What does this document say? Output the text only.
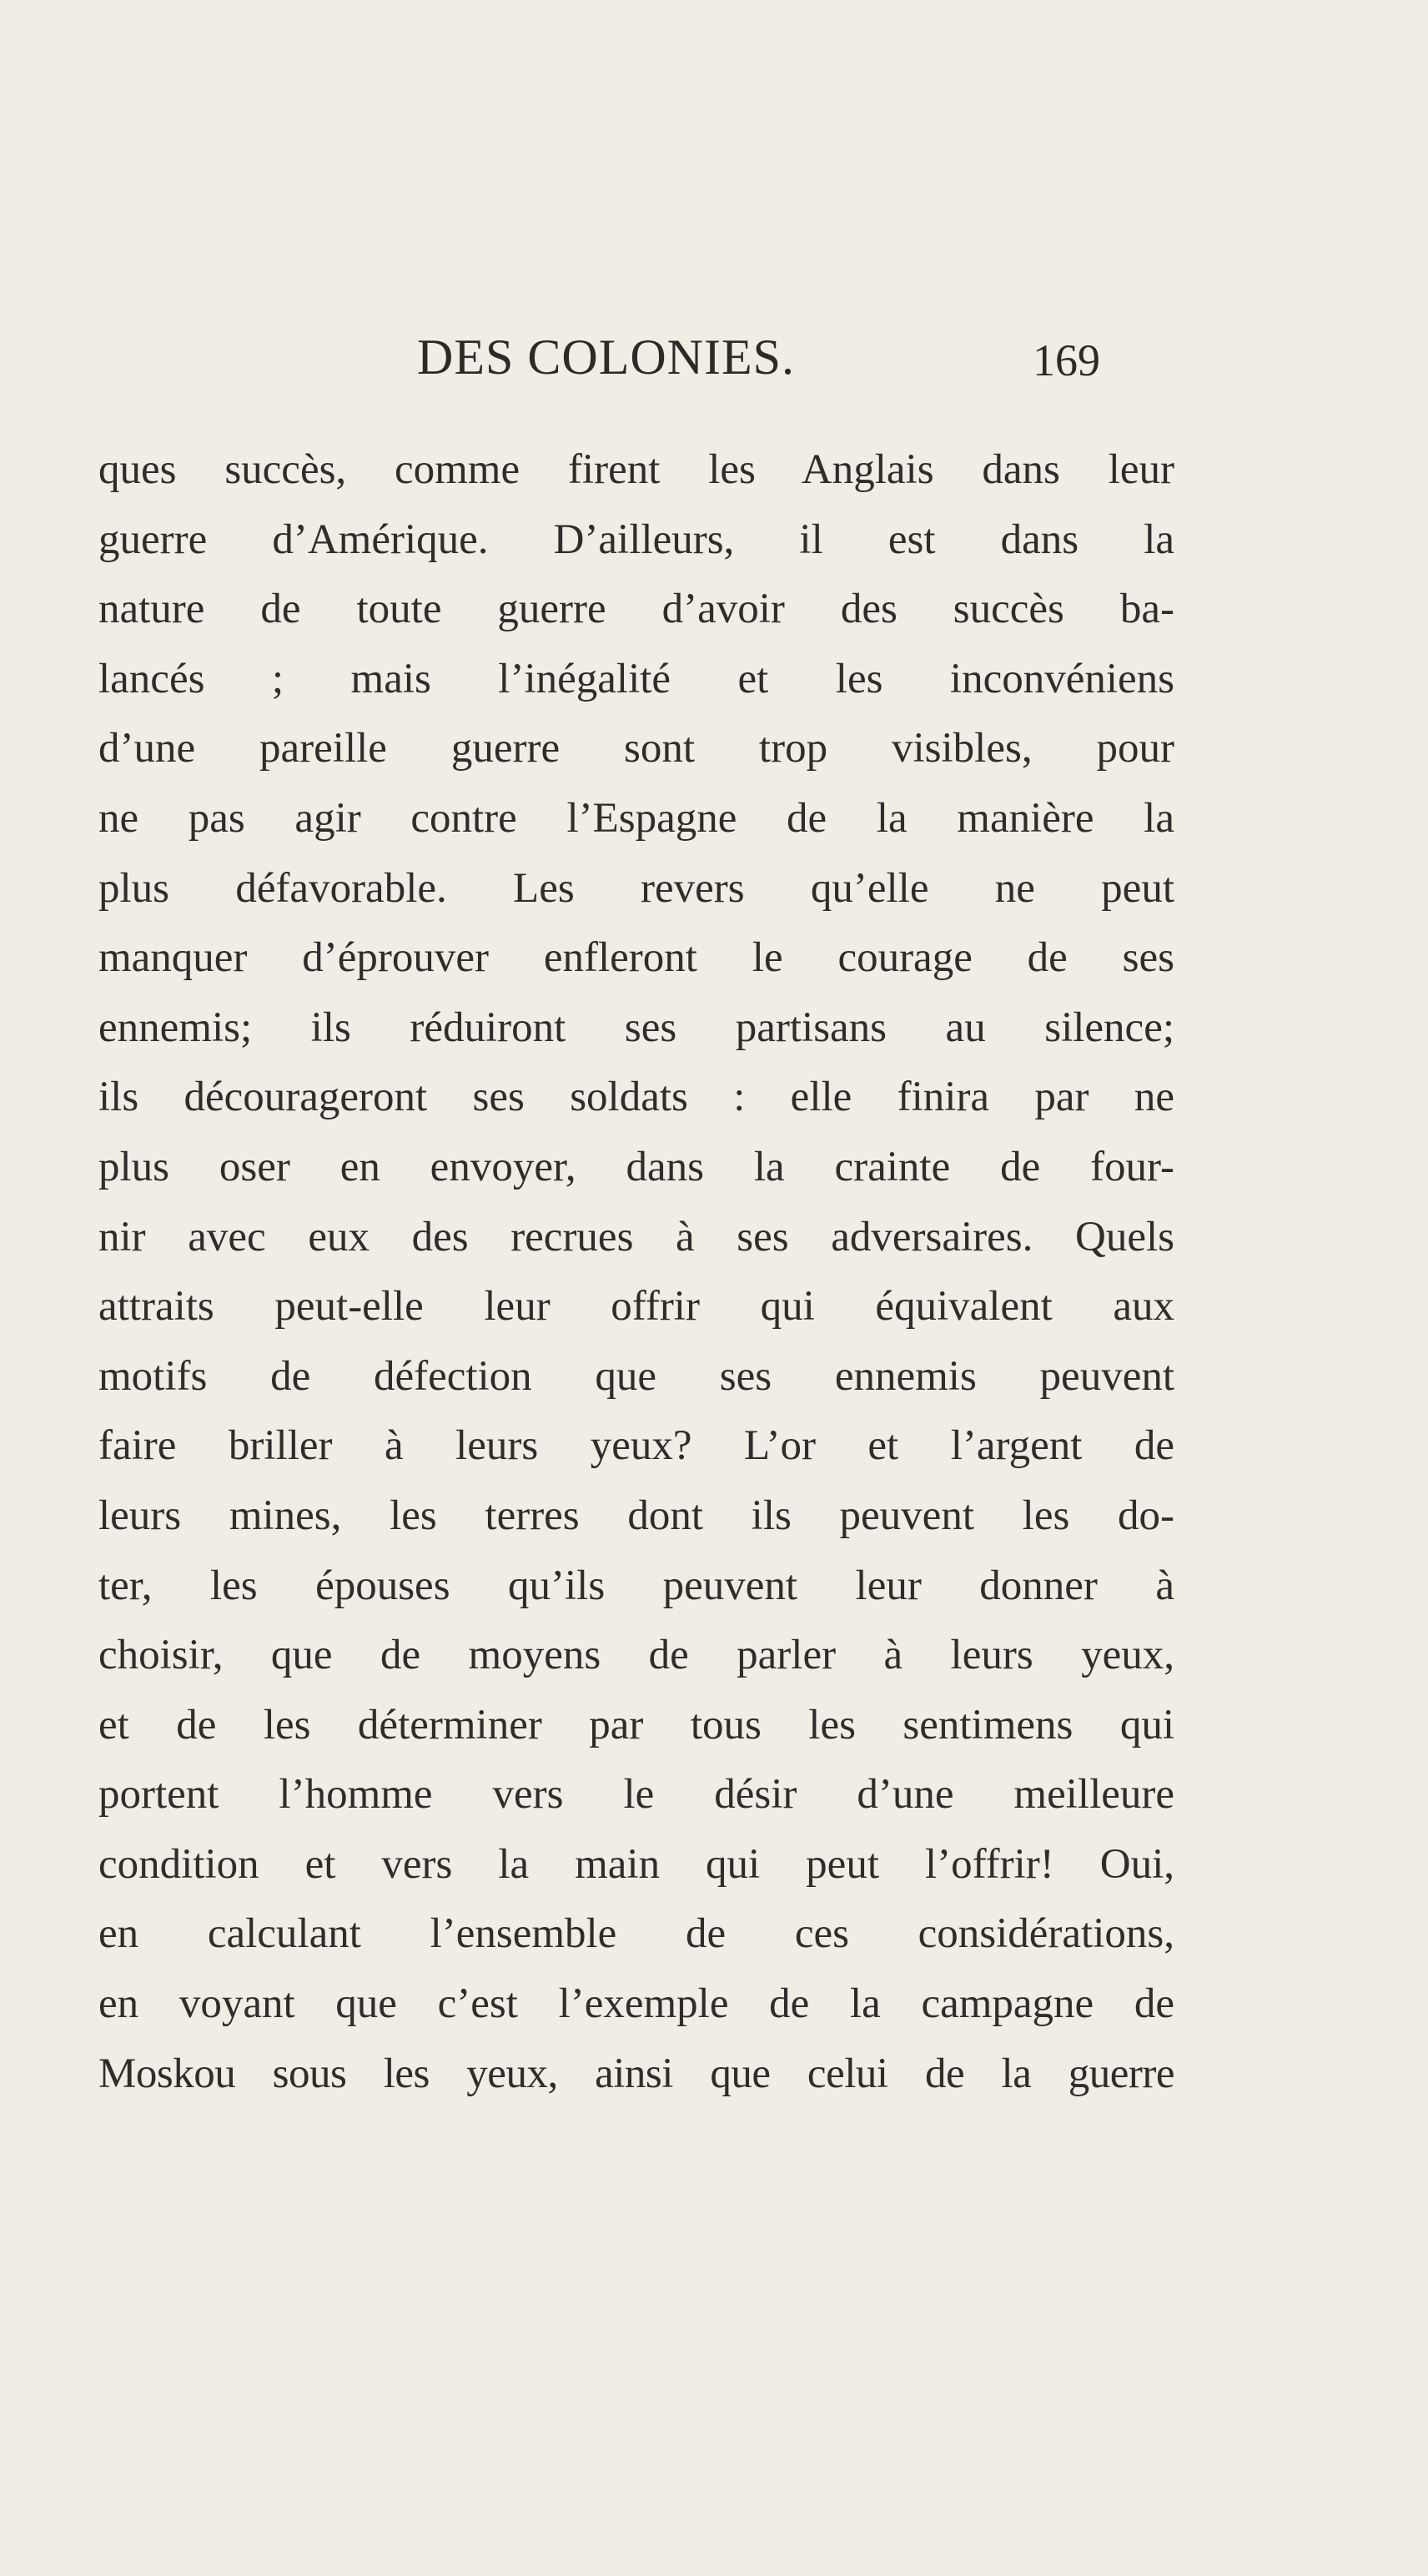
DES COLONIES.	169
ques succès, comme firent les Anglais dans leur
guerre d’Amérique. D’ailleurs, il est dans la
nature de toute guerre d’avoir des succès ba-
lancés ; mais l’inégalité et les inconvéniens
d’une pareille guerre sont trop visibles, pour
ne pas agir contre l’Espagne de la manière la
plus défavorable. Les revers qu’elle ne peut
manquer d’éprouver enfleront le courage de ses
ennemis; ils réduiront ses partisans au silence;
ils décourageront ses soldats : elle finira par ne
plus oser en envoyer, dans la crainte de four-
nir avec eux des recrues à ses adversaires. Quels
attraits peut-elle leur offrir qui équivalent aux
motifs de défection que ses ennemis peuvent
faire briller à leurs yeux? L’or et l’argent de
leurs mines, les terres dont ils peuvent les do-
ter, les épouses qu’ils peuvent leur donner à
choisir, que de moyens de parler à leurs yeux,
et de les déterminer par tous les sentimens qui
portent l’homme vers le désir d’une meilleure
condition et vers la main qui peut l’offrir! Oui,
en calculant l’ensemble de ces considérations,
en voyant que c’est l’exemple de la campagne de
Moskou sous les yeux, ainsi que celui de la guerre
